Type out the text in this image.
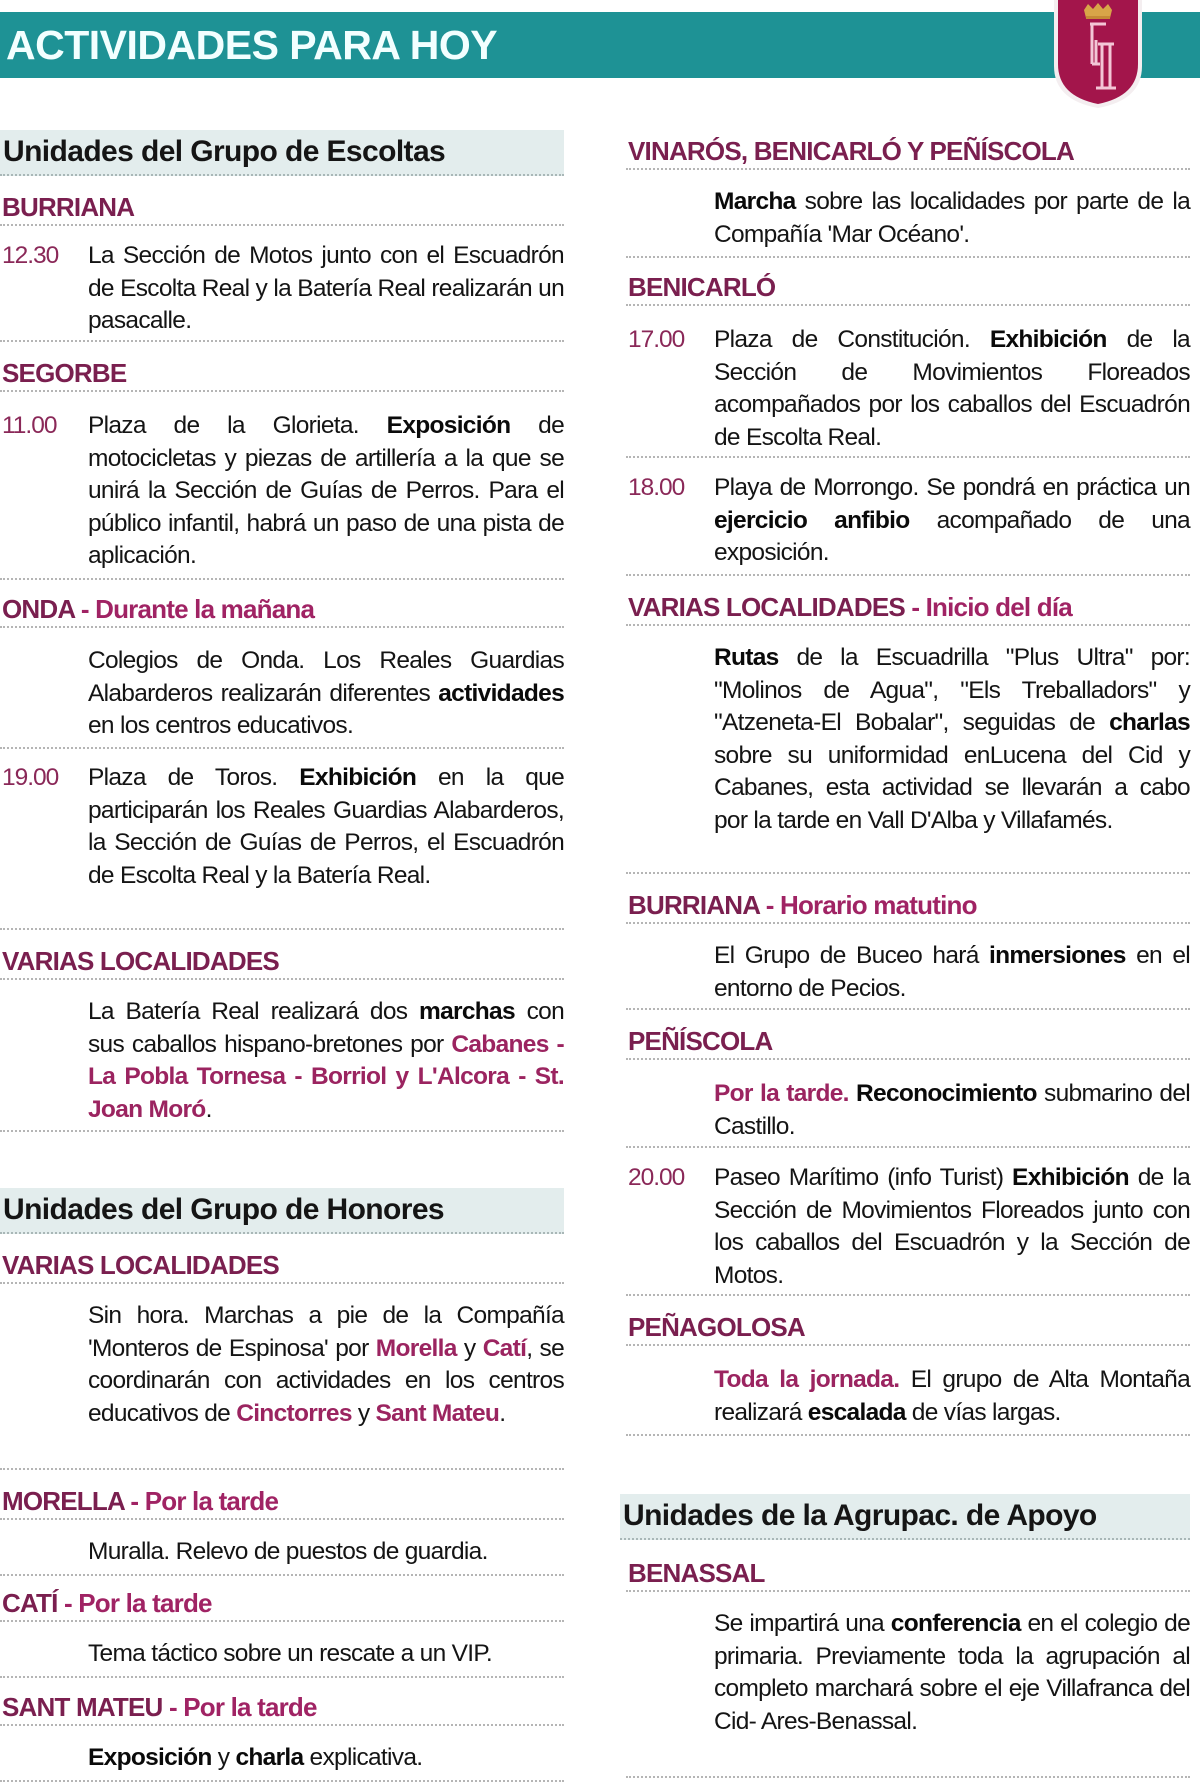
ACTIVIDADES PARA HOY
Unidades del Grupo de Escoltas
BURRIANA
12.30 La Sección de Motos junto con el Escuadrón de Escolta Real y la Batería Real realizarán un pasacalle.
SEGORBE
11.00 Plaza de la Glorieta. Exposición de motocicletas y piezas de artillería a la que se unirá la Sección de Guías de Perros. Para el público infantil, habrá un paso de una pista de aplicación.
ONDA - Durante la mañana
Colegios de Onda. Los Reales Guardias Alabarderos realizarán diferentes actividades en los centros educativos.
19.00 Plaza de Toros. Exhibición en la que participarán los Reales Guardias Alabarderos, la Sección de Guías de Perros, el Escuadrón de Escolta Real y la Batería Real.
VARIAS LOCALIDADES
La Batería Real realizará dos marchas con sus caballos hispano-bretones por Cabanes - La Pobla Tornesa - Borriol y L'Alcora - St. Joan Moró.
Unidades del Grupo de Honores
VARIAS LOCALIDADES
Sin hora. Marchas a pie de la Compañía 'Monteros de Espinosa' por Morella y Catí, se coordinarán con actividades en los centros educativos de Cinctorres y Sant Mateu.
MORELLA - Por la tarde
Muralla. Relevo de puestos de guardia.
CATÍ - Por la tarde
Tema táctico sobre un rescate a un VIP.
SANT MATEU - Por la tarde
Exposición y charla explicativa.
VINARÓS, BENICARLÓ Y PEÑÍSCOLA
Marcha sobre las localidades por parte de la Compañía 'Mar Océano'.
BENICARLÓ
17.00 Plaza de Constitución. Exhibición de la Sección de Movimientos Floreados acompañados por los caballos del Escuadrón de Escolta Real.
18.00 Playa de Morrongo. Se pondrá en práctica un ejercicio anfibio acompañado de una exposición.
VARIAS LOCALIDADES - Inicio del día
Rutas de la Escuadrilla "Plus Ultra" por: "Molinos de Agua", "Els Treballadors" y "Atzeneta-El Bobalar", seguidas de charlas sobre su uniformidad enLucena del Cid y Cabanes, esta actividad se llevarán a cabo por la tarde en Vall D'Alba y Villafamés.
BURRIANA - Horario matutino
El Grupo de Buceo hará inmersiones en el entorno de Pecios.
PEÑÍSCOLA
Por la tarde. Reconocimiento submarino del Castillo.
20.00 Paseo Marítimo (info Turist) Exhibición de la Sección de Movimientos Floreados junto con los caballos del Escuadrón y la Sección de Motos.
PEÑAGOLOSA
Toda la jornada. El grupo de Alta Montaña realizará escalada de vías largas.
Unidades de la Agrupac. de Apoyo
BENASSAL
Se impartirá una conferencia en el colegio de primaria. Previamente toda la agrupación al completo marchará sobre el eje Villafranca del Cid- Ares-Benassal.
